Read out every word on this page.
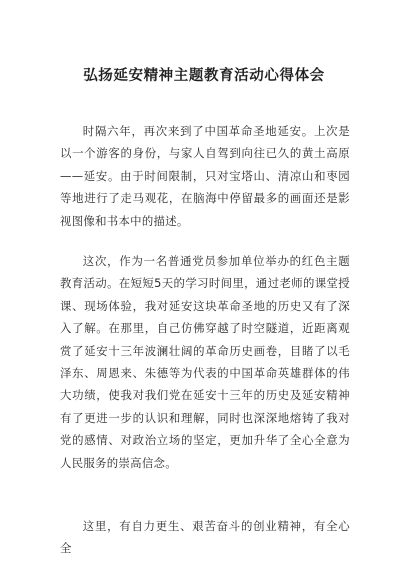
弘扬延安精神主题教育活动心得体会
时隔六年，再次来到了中国革命圣地延安。上次是以一个游客的身份，与家人自驾到向往已久的黄土高原——延安。由于时间限制，只对宝塔山、清凉山和枣园等地进行了走马观花，在脑海中停留最多的画面还是影视图像和书本中的描述。
这次，作为一名普通党员参加单位举办的红色主题教育活动。在短短5天的学习时间里，通过老师的课堂授课、现场体验，我对延安这块革命圣地的历史又有了深入了解。在那里，自己仿佛穿越了时空隧道，近距离观赏了延安十三年波澜壮阔的革命历史画卷，目睹了以毛泽东、周恩来、朱德等为代表的中国革命英雄群体的伟大功绩，使我对我们党在延安十三年的历史及延安精神有了更进一步的认识和理解，同时也深深地熔铸了我对党的感情、对政治立场的坚定，更加升华了全心全意为人民服务的崇高信念。
这里，有自力更生、艰苦奋斗的创业精神，有全心全
